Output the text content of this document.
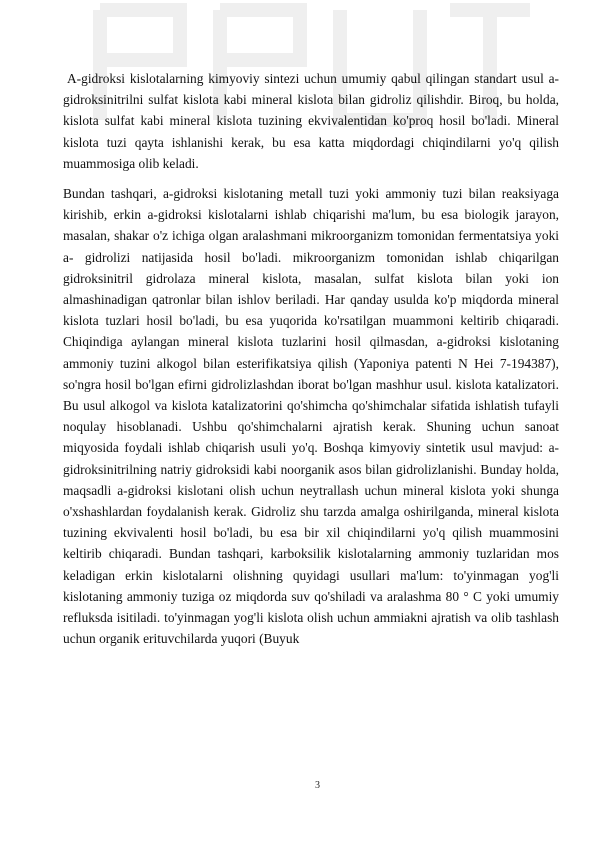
A-gidroksi kislotalarning kimyoviy sintezi uchun umumiy qabul qilingan standart usul a-gidroksinitrilni sulfat kislota kabi mineral kislota bilan gidroliz qilishdir. Biroq, bu holda, kislota sulfat kabi mineral kislota tuzining ekvivalentidan ko'proq hosil bo'ladi. Mineral kislota tuzi qayta ishlanishi kerak, bu esa katta miqdordagi chiqindilarni yo'q qilish muammosiga olib keladi.

Bundan tashqari, a-gidroksi kislotaning metall tuzi yoki ammoniy tuzi bilan reaksiyaga kirishib, erkin a-gidroksi kislotalarni ishlab chiqarishi ma'lum, bu esa biologik jarayon, masalan, shakar o'z ichiga olgan aralashmani mikroorganizm tomonidan fermentatsiya yoki a- gidrolizi natijasida hosil bo'ladi. mikroorganizm tomonidan ishlab chiqarilgan gidroksinitril gidrolaza mineral kislota, masalan, sulfat kislota bilan yoki ion almashinadigan qatronlar bilan ishlov beriladi. Har qanday usulda ko'p miqdorda mineral kislota tuzlari hosil bo'ladi, bu esa yuqorida ko'rsatilgan muammoni keltirib chiqaradi. Chiqindiga aylangan mineral kislota tuzlarini hosil qilmasdan, a-gidroksi kislotaning ammoniy tuzini alkogol bilan esterifikatsiya qilish (Yaponiya patenti N Hei 7-194387), so'ngra hosil bo'lgan efirni gidrolizlashdan iborat bo'lgan mashhur usul. kislota katalizatori. Bu usul alkogol va kislota katalizatorini qo'shimcha qo'shimchalar sifatida ishlatish tufayli noqulay hisoblanadi. Ushbu qo'shimchalarni ajratish kerak. Shuning uchun sanoat miqyosida foydali ishlab chiqarish usuli yo'q. Boshqa kimyoviy sintetik usul mavjud: a-gidroksinitrilning natriy gidroksidi kabi noorganik asos bilan gidrolizlanishi. Bunday holda, maqsadli a-gidroksi kislotani olish uchun neytrallash uchun mineral kislota yoki shunga o'xshashlardan foydalanish kerak. Gidroliz shu tarzda amalga oshirilganda, mineral kislota tuzining ekvivalenti hosil bo'ladi, bu esa bir xil chiqindilarni yo'q qilish muammosini keltirib chiqaradi. Bundan tashqari, karboksilik kislotalarning ammoniy tuzlaridan mos keladigan erkin kislotalarni olishning quyidagi usullari ma'lum: to'yinmagan yog'li kislotaning ammoniy tuziga oz miqdorda suv qo'shiladi va aralashma 80 ° C yoki umumiy refluksda isitiladi. to'yinmagan yog'li kislota olish uchun ammiakni ajratish va olib tashlash uchun organik erituvchilarda yuqori (Buyuk

3
